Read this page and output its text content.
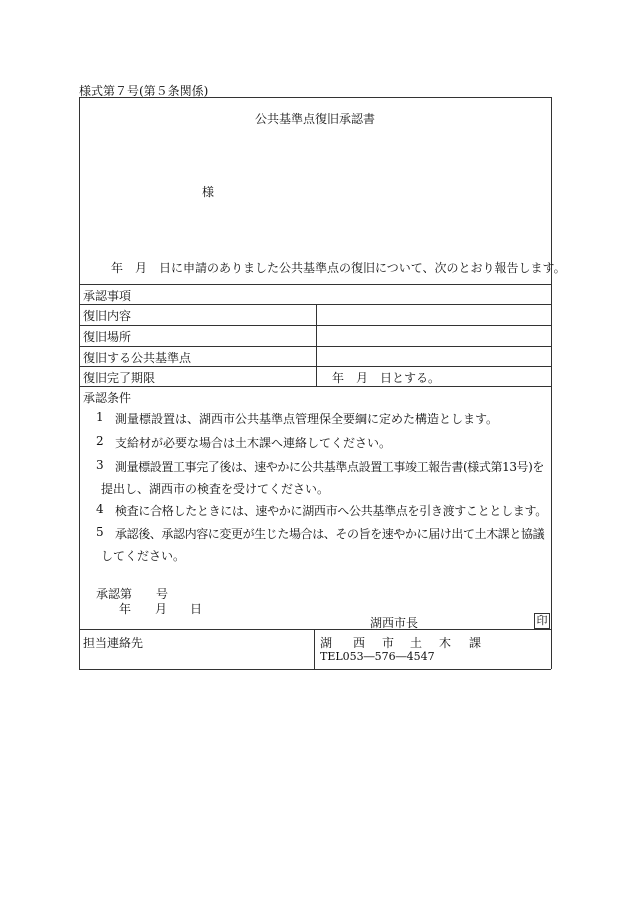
様式第７号(第５条関係)
公共基準点復旧承認書
様
年　月　日に申請のありました公共基準点の復旧について、次のとおり報告します。
承認事項
復旧内容
復旧場所
復旧する公共基準点
復旧完了期限	年　月　日とする。
承認条件
1 測量標設置は、湖西市公共基準点管理保全要綱に定めた構造とします。
2 支給材が必要な場合は土木課へ連絡してください。
3 測量標設置工事完了後は、速やかに公共基準点設置工事竣工報告書(様式第13号)を
提出し、湖西市の検査を受けてください。
4 検査に合格したときには、速やかに湖西市へ公共基準点を引き渡すこととします。
5 承認後、承認内容に変更が生じた場合は、その旨を速やかに届け出て土木課と協議
してください。
承認第 号
年 月 日
湖西市長	印
担当連絡先	湖 西 市 土 木 課
TEL053―576―4547
